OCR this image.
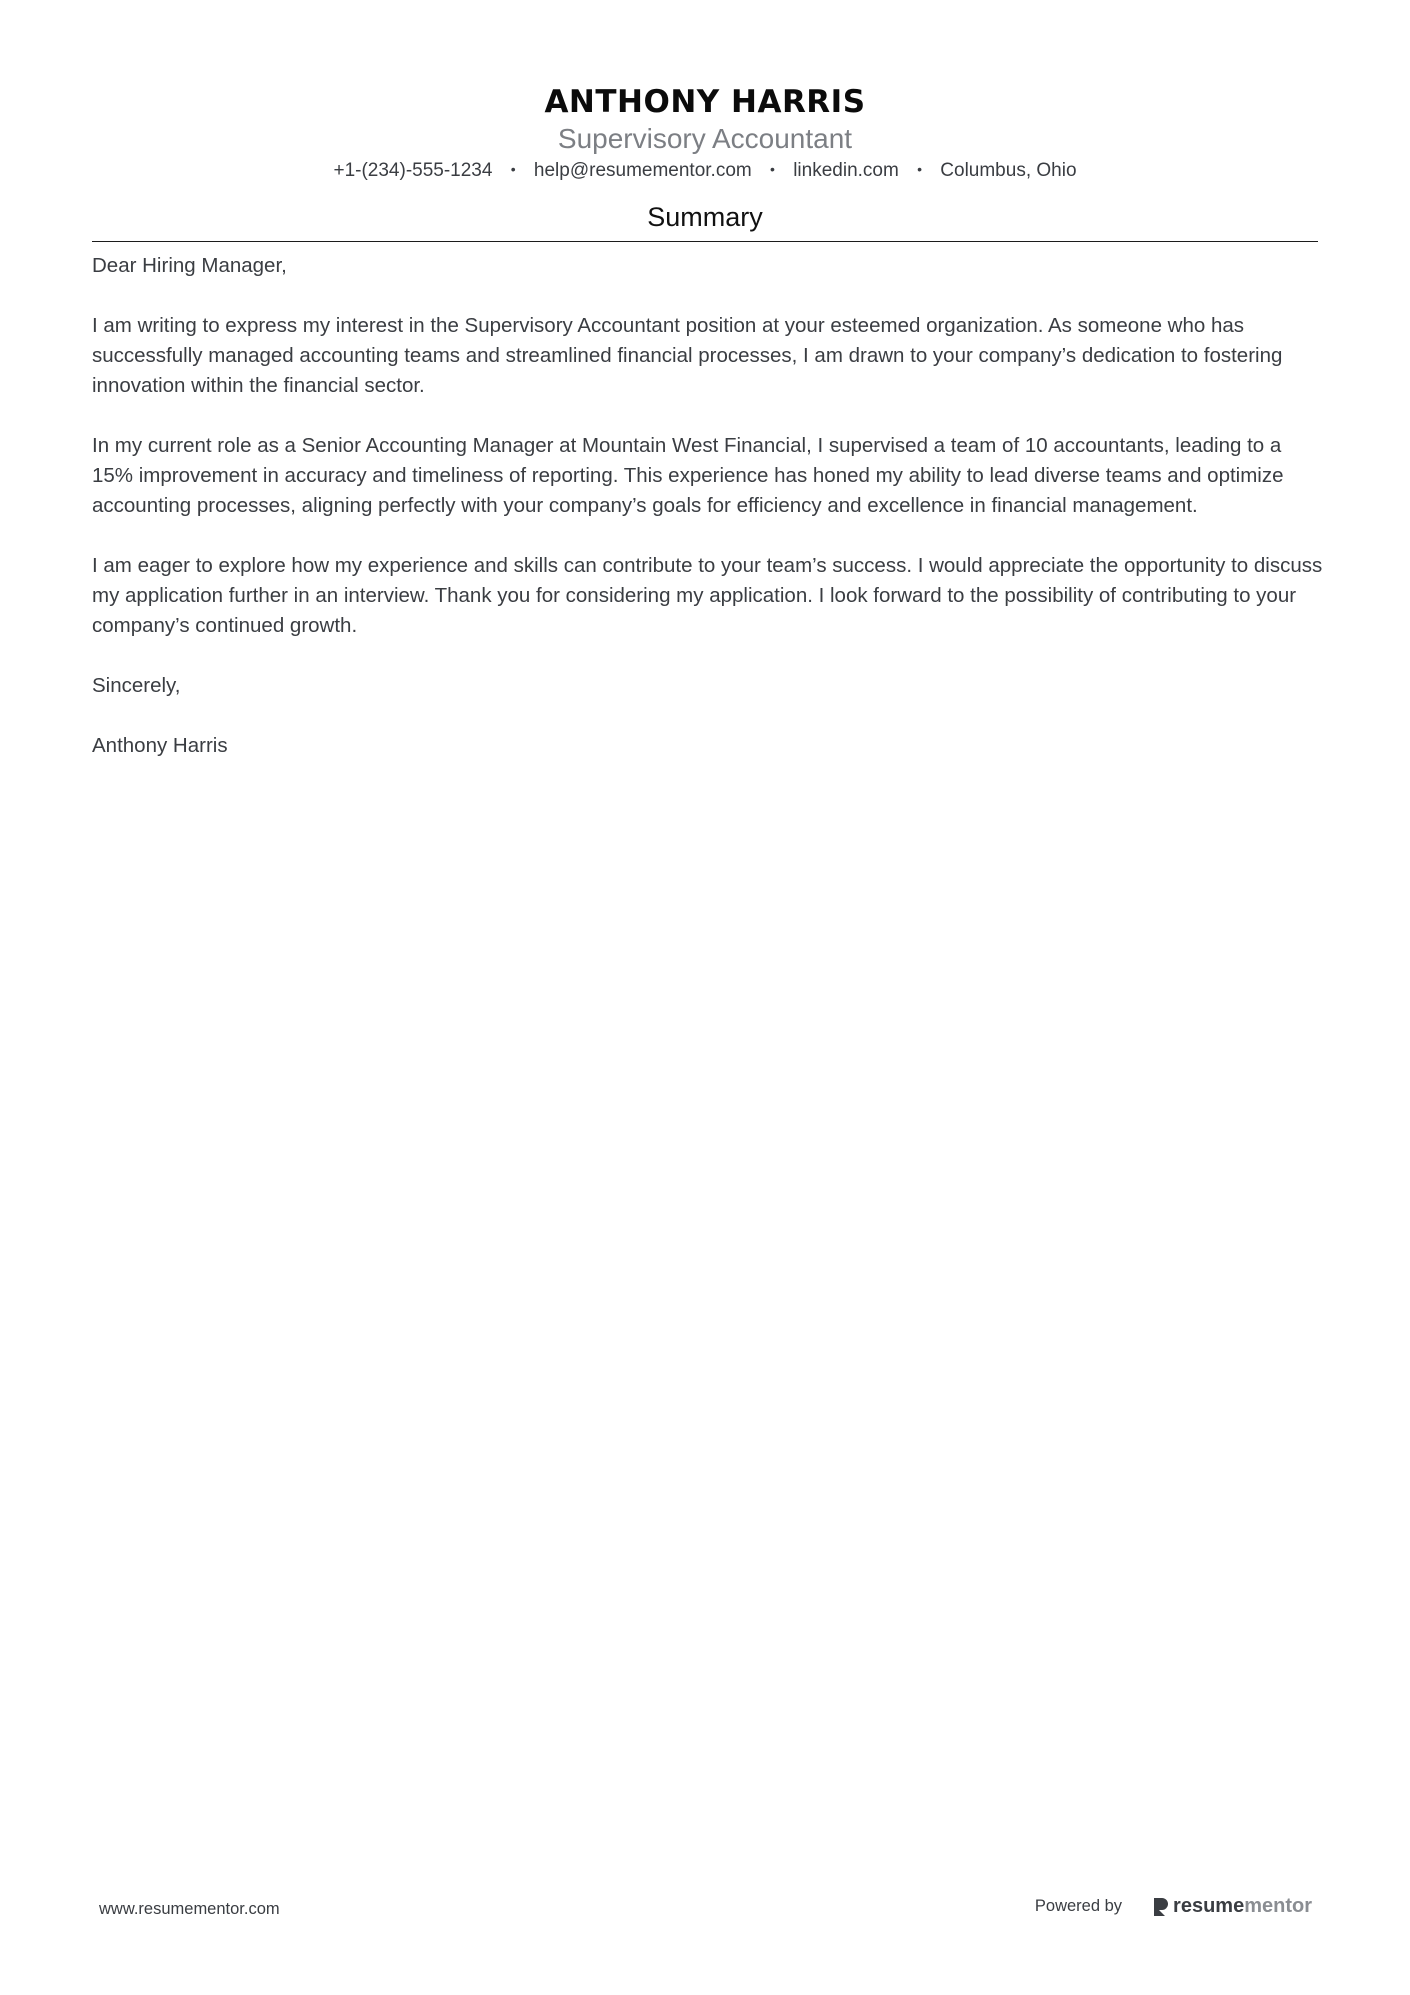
ANTHONY HARRIS
Supervisory Accountant
+1-(234)-555-1234 • help@resumementor.com • linkedin.com • Columbus, Ohio
Summary

Dear Hiring Manager,

I am writing to express my interest in the Supervisory Accountant position at your esteemed organization. As someone who has successfully managed accounting teams and streamlined financial processes, I am drawn to your company’s dedication to fostering innovation within the financial sector.

In my current role as a Senior Accounting Manager at Mountain West Financial, I supervised a team of 10 accountants, leading to a 15% improvement in accuracy and timeliness of reporting. This experience has honed my ability to lead diverse teams and optimize accounting processes, aligning perfectly with your company’s goals for efficiency and excellence in financial management.

I am eager to explore how my experience and skills can contribute to your team’s success. I would appreciate the opportunity to discuss my application further in an interview. Thank you for considering my application. I look forward to the possibility of contributing to your company’s continued growth.

Sincerely,

Anthony Harris

www.resumementor.com	Powered by	resume mentor
